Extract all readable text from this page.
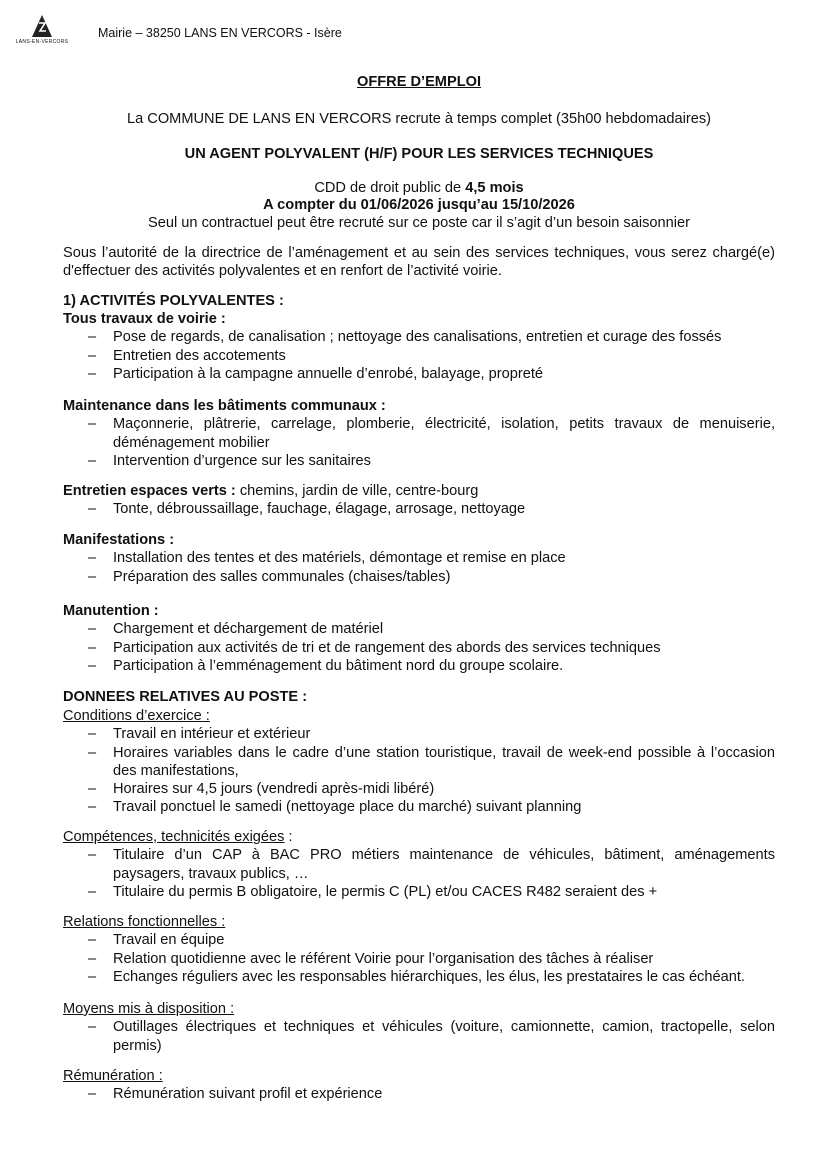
LANS-EN-VERCORS
Mairie – 38250 LANS EN VERCORS - Isère
OFFRE D’EMPLOI
La COMMUNE DE LANS EN VERCORS recrute à temps complet (35h00 hebdomadaires)
UN AGENT POLYVALENT (H/F) POUR LES SERVICES TECHNIQUES
CDD de droit public de 4,5 mois
A compter du 01/06/2026 jusqu’au 15/10/2026
Seul un contractuel peut être recruté sur ce poste car il s’agit d’un besoin saisonnier
Sous l’autorité de la directrice de l’aménagement et au sein des services techniques, vous serez chargé(e) d'effectuer des activités polyvalentes et en renfort de l’activité voirie.
1) ACTIVITÉS POLYVALENTES :

Tous travaux de voirie :

– Pose de regards, de canalisation ; nettoyage des canalisations, entretien et curage des fossés
– Entretien des accotements
– Participation à la campagne annuelle d’enrobé, balayage, propreté

Maintenance dans les bâtiments communaux :

– Maçonnerie, plâtrerie, carrelage, plomberie, électricité, isolation, petits travaux de menuiserie, déménagement mobilier
– Intervention d’urgence sur les sanitaires

Entretien espaces verts : chemins, jardin de ville, centre-bourg

– Tonte, débroussaillage, fauchage, élagage, arrosage, nettoyage

Manifestations :

– Installation des tentes et des matériels, démontage et remise en place
– Préparation des salles communales (chaises/tables)

Manutention :

– Chargement et déchargement de matériel
– Participation aux activités de tri et de rangement des abords des services techniques
– Participation à l’emménagement du bâtiment nord du groupe scolaire.
DONNEES RELATIVES AU POSTE :

Conditions d’exercice :

– Travail en intérieur et extérieur
– Horaires variables dans le cadre d’une station touristique, travail de week-end possible à l’occasion des manifestations,
– Horaires sur 4,5 jours (vendredi après-midi libéré)
– Travail ponctuel le samedi (nettoyage place du marché) suivant planning

Compétences, technicités exigées :

– Titulaire d’un CAP à BAC PRO métiers maintenance de véhicules, bâtiment, aménagements paysagers, travaux publics, …
– Titulaire du permis B obligatoire, le permis C (PL) et/ou CACES R482 seraient des +

Relations fonctionnelles :

– Travail en équipe
– Relation quotidienne avec le référent Voirie pour l’organisation des tâches à réaliser
– Echanges réguliers avec les responsables hiérarchiques, les élus, les prestataires le cas échéant.

Moyens mis à disposition :

– Outillages électriques et techniques et véhicules (voiture, camionnette, camion, tractopelle, selon permis)

Rémunération :

– Rémunération suivant profil et expérience
